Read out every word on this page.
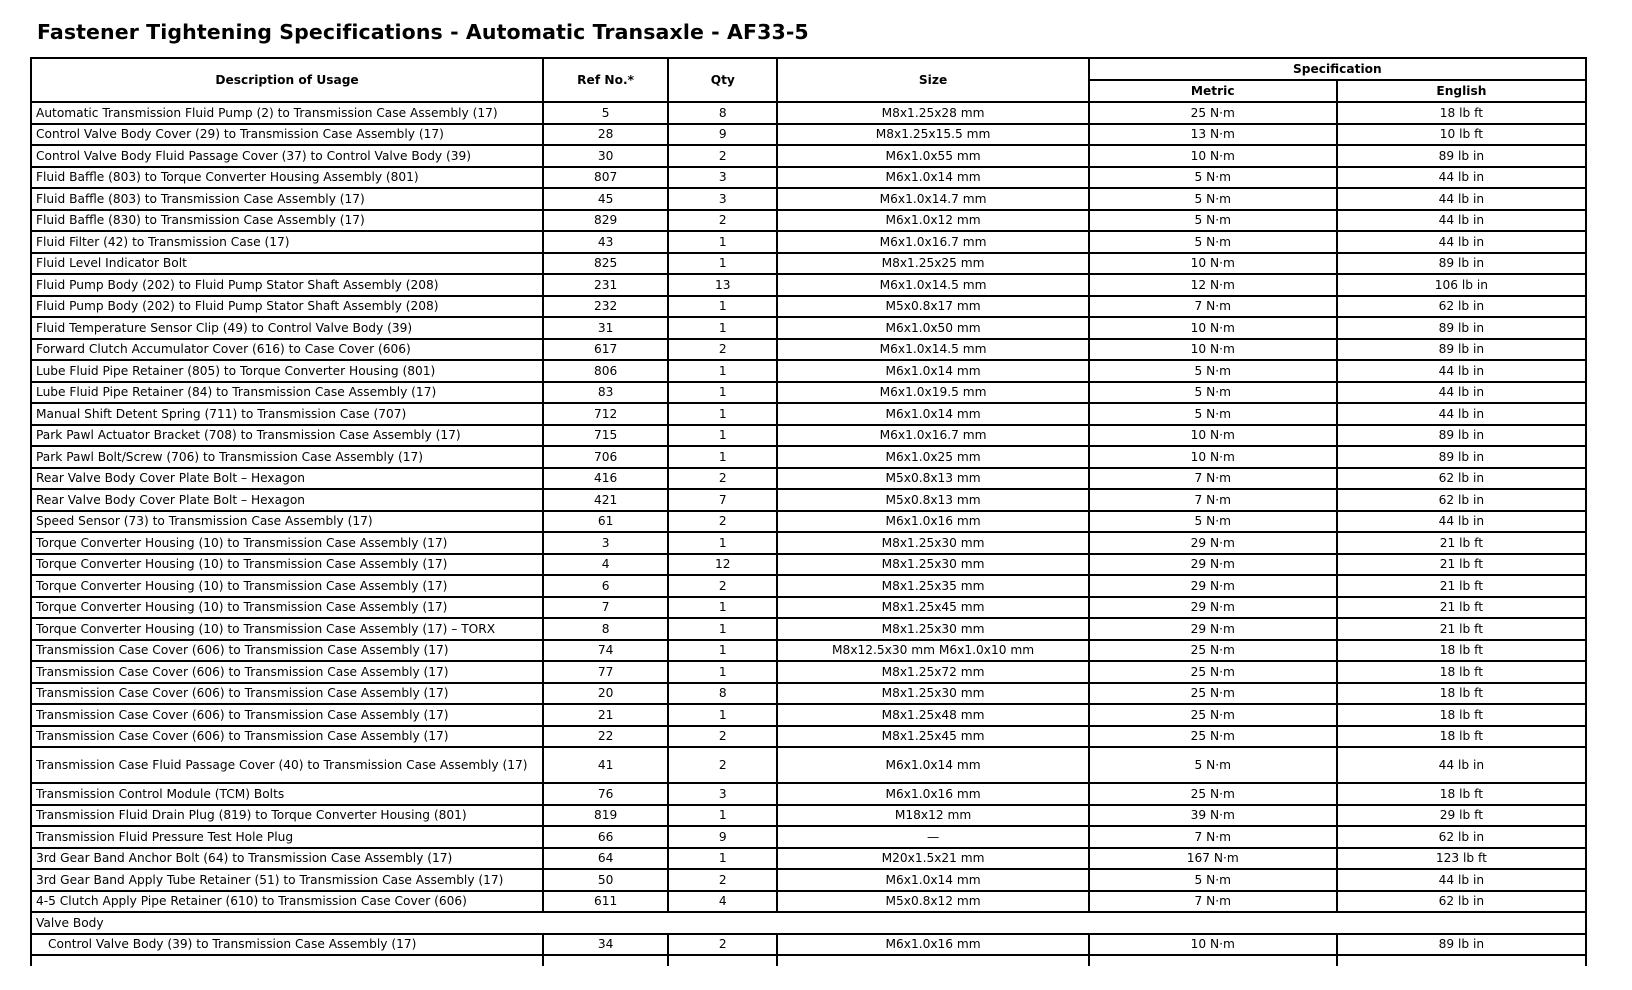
Fastener Tightening Specifications - Automatic Transaxle - AF33-5
Description of Usage	Ref No.*	Qty	Size	Specification	
				Metric	English
Automatic Transmission Fluid Pump (2) to Transmission Case Assembly (17)	5	8	M8x1.25x28 mm	25 N·m	18 lb ft
Control Valve Body Cover (29) to Transmission Case Assembly (17)	28	9	M8x1.25x15.5 mm	13 N·m	10 lb ft
Control Valve Body Fluid Passage Cover (37) to Control Valve Body (39)	30	2	M6x1.0x55 mm	10 N·m	89 lb in
Fluid Baffle (803) to Torque Converter Housing Assembly (801)	807	3	M6x1.0x14 mm	5 N·m	44 lb in
Fluid Baffle (803) to Transmission Case Assembly (17)	45	3	M6x1.0x14.7 mm	5 N·m	44 lb in
Fluid Baffle (830) to Transmission Case Assembly (17)	829	2	M6x1.0x12 mm	5 N·m	44 lb in
Fluid Filter (42) to Transmission Case (17)	43	1	M6x1.0x16.7 mm	5 N·m	44 lb in
Fluid Level Indicator Bolt	825	1	M8x1.25x25 mm	10 N·m	89 lb in
Fluid Pump Body (202) to Fluid Pump Stator Shaft Assembly (208)	231	13	M6x1.0x14.5 mm	12 N·m	106 lb in
Fluid Pump Body (202) to Fluid Pump Stator Shaft Assembly (208)	232	1	M5x0.8x17 mm	7 N·m	62 lb in
Fluid Temperature Sensor Clip (49) to Control Valve Body (39)	31	1	M6x1.0x50 mm	10 N·m	89 lb in
Forward Clutch Accumulator Cover (616) to Case Cover (606)	617	2	M6x1.0x14.5 mm	10 N·m	89 lb in
Lube Fluid Pipe Retainer (805) to Torque Converter Housing (801)	806	1	M6x1.0x14 mm	5 N·m	44 lb in
Lube Fluid Pipe Retainer (84) to Transmission Case Assembly (17)	83	1	M6x1.0x19.5 mm	5 N·m	44 lb in
Manual Shift Detent Spring (711) to Transmission Case (707)	712	1	M6x1.0x14 mm	5 N·m	44 lb in
Park Pawl Actuator Bracket (708) to Transmission Case Assembly (17)	715	1	M6x1.0x16.7 mm	10 N·m	89 lb in
Park Pawl Bolt/Screw (706) to Transmission Case Assembly (17)	706	1	M6x1.0x25 mm	10 N·m	89 lb in
Rear Valve Body Cover Plate Bolt – Hexagon	416	2	M5x0.8x13 mm	7 N·m	62 lb in
Rear Valve Body Cover Plate Bolt – Hexagon	421	7	M5x0.8x13 mm	7 N·m	62 lb in
Speed Sensor (73) to Transmission Case Assembly (17)	61	2	M6x1.0x16 mm	5 N·m	44 lb in
Torque Converter Housing (10) to Transmission Case Assembly (17)	3	1	M8x1.25x30 mm	29 N·m	21 lb ft
Torque Converter Housing (10) to Transmission Case Assembly (17)	4	12	M8x1.25x30 mm	29 N·m	21 lb ft
Torque Converter Housing (10) to Transmission Case Assembly (17)	6	2	M8x1.25x35 mm	29 N·m	21 lb ft
Torque Converter Housing (10) to Transmission Case Assembly (17)	7	1	M8x1.25x45 mm	29 N·m	21 lb ft
Torque Converter Housing (10) to Transmission Case Assembly (17) – TORX	8	1	M8x1.25x30 mm	29 N·m	21 lb ft
Transmission Case Cover (606) to Transmission Case Assembly (17)	74	1	M8x12.5x30 mm M6x1.0x10 mm	25 N·m	18 lb ft
Transmission Case Cover (606) to Transmission Case Assembly (17)	77	1	M8x1.25x72 mm	25 N·m	18 lb ft
Transmission Case Cover (606) to Transmission Case Assembly (17)	20	8	M8x1.25x30 mm	25 N·m	18 lb ft
Transmission Case Cover (606) to Transmission Case Assembly (17)	21	1	M8x1.25x48 mm	25 N·m	18 lb ft
Transmission Case Cover (606) to Transmission Case Assembly (17)	22	2	M8x1.25x45 mm	25 N·m	18 lb ft
Transmission Case Fluid Passage Cover (40) to Transmission Case Assembly (17)	41	2	M6x1.0x14 mm	5 N·m	44 lb in
Transmission Control Module (TCM) Bolts	76	3	M6x1.0x16 mm	25 N·m	18 lb ft
Transmission Fluid Drain Plug (819) to Torque Converter Housing (801)	819	1	M18x12 mm	39 N·m	29 lb ft
Transmission Fluid Pressure Test Hole Plug	66	9	—	7 N·m	62 lb in
3rd Gear Band Anchor Bolt (64) to Transmission Case Assembly (17)	64	1	M20x1.5x21 mm	167 N·m	123 lb ft
3rd Gear Band Apply Tube Retainer (51) to Transmission Case Assembly (17)	50	2	M6x1.0x14 mm	5 N·m	44 lb in
4-5 Clutch Apply Pipe Retainer (610) to Transmission Case Cover (606)	611	4	M5x0.8x12 mm	7 N·m	62 lb in
Valve Body					
Control Valve Body (39) to Transmission Case Assembly (17)	34	2	M6x1.0x16 mm	10 N·m	89 lb in
